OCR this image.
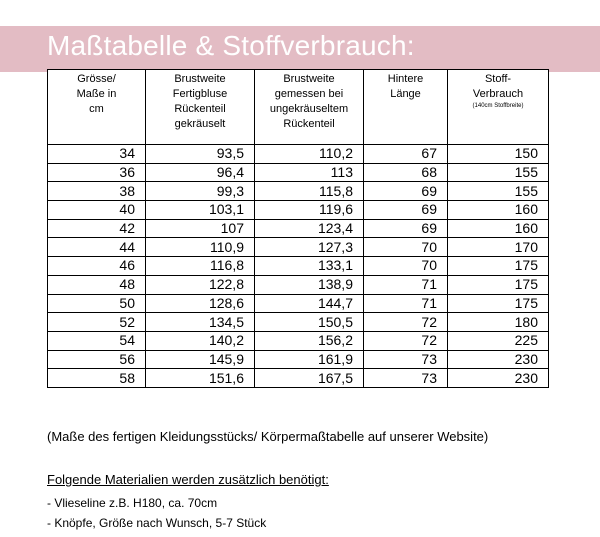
Maßtabelle & Stoffverbrauch:
Grösse/
Maße in
cm	Brustweite
Fertigbluse
Rückenteil
gekräuselt	Brustweite
gemessen bei
ungekräuseltem
Rückenteil	Hintere
Länge	Stoff-
Verbrauch
(140cm Stoffbreite)

34	93,5	110,2	67	150
36	96,4	113	68	155
38	99,3	115,8	69	155
40	103,1	119,6	69	160
42	107	123,4	69	160
44	110,9	127,3	70	170
46	116,8	133,1	70	175
48	122,8	138,9	71	175
50	128,6	144,7	71	175
52	134,5	150,5	72	180
54	140,2	156,2	72	225
56	145,9	161,9	73	230
58	151,6	167,5	73	230
(Maße des fertigen Kleidungsstücks/ Körpermaßtabelle auf unserer Website)
Folgende Materialien werden zusätzlich benötigt:
- Vlieseline z.B. H180, ca. 70cm
- Knöpfe, Größe nach Wunsch, 5-7 Stück
